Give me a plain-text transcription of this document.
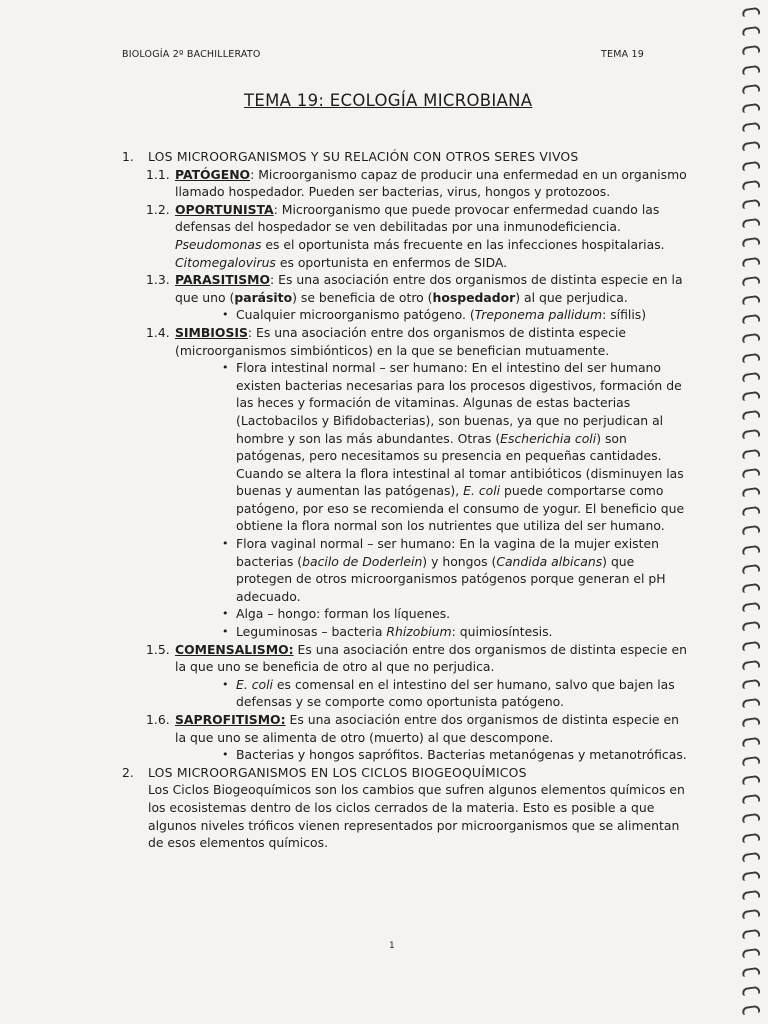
BIOLOGÍA 2º BACHILLERATO	TEMA 19
TEMA 19: ECOLOGÍA MICROBIANA
1. LOS MICROORGANISMOS Y SU RELACIÓN CON OTROS SERES VIVOS
1.1. PATÓGENO: Microorganismo capaz de producir una enfermedad en un organismo llamado hospedador. Pueden ser bacterias, virus, hongos y protozoos.
1.2. OPORTUNISTA: Microorganismo que puede provocar enfermedad cuando las defensas del hospedador se ven debilitadas por una inmunodeficiencia.
Pseudomonas es el oportunista más frecuente en las infecciones hospitalarias.
Citomegalovirus es oportunista en enfermos de SIDA.
1.3. PARASITISMO: Es una asociación entre dos organismos de distinta especie en la que uno (parásito) se beneficia de otro (hospedador) al que perjudica.
• Cualquier microorganismo patógeno. (Treponema pallidum: sífilis)
1.4. SIMBIOSIS: Es una asociación entre dos organismos de distinta especie (microorganismos simbiónticos) en la que se benefician mutuamente.
• Flora intestinal normal – ser humano: En el intestino del ser humano existen bacterias necesarias para los procesos digestivos, formación de las heces y formación de vitaminas. Algunas de estas bacterias (Lactobacilos y Bifidobacterias), son buenas, ya que no perjudican al hombre y son las más abundantes. Otras (Escherichia coli) son patógenas, pero necesitamos su presencia en pequeñas cantidades. Cuando se altera la flora intestinal al tomar antibióticos (disminuyen las buenas y aumentan las patógenas), E. coli puede comportarse como patógeno, por eso se recomienda el consumo de yogur. El beneficio que obtiene la flora normal son los nutrientes que utiliza del ser humano.
• Flora vaginal normal – ser humano: En la vagina de la mujer existen bacterias (bacilo de Doderlein) y hongos (Candida albicans) que protegen de otros microorganismos patógenos porque generan el pH adecuado.
• Alga – hongo: forman los líquenes.
• Leguminosas – bacteria Rhizobium: quimiosíntesis.
1.5. COMENSALISMO: Es una asociación entre dos organismos de distinta especie en la que uno se beneficia de otro al que no perjudica.
• E. coli es comensal en el intestino del ser humano, salvo que bajen las defensas y se comporte como oportunista patógeno.
1.6. SAPROFITISMO: Es una asociación entre dos organismos de distinta especie en la que uno se alimenta de otro (muerto) al que descompone.
• Bacterias y hongos saprófitos. Bacterias metanógenas y metanotróficas.
2. LOS MICROORGANISMOS EN LOS CICLOS BIOGEOQUÍMICOS
Los Ciclos Biogeoquímicos son los cambios que sufren algunos elementos químicos en los ecosistemas dentro de los ciclos cerrados de la materia. Esto es posible a que algunos niveles tróficos vienen representados por microorganismos que se alimentan de esos elementos químicos.
1
